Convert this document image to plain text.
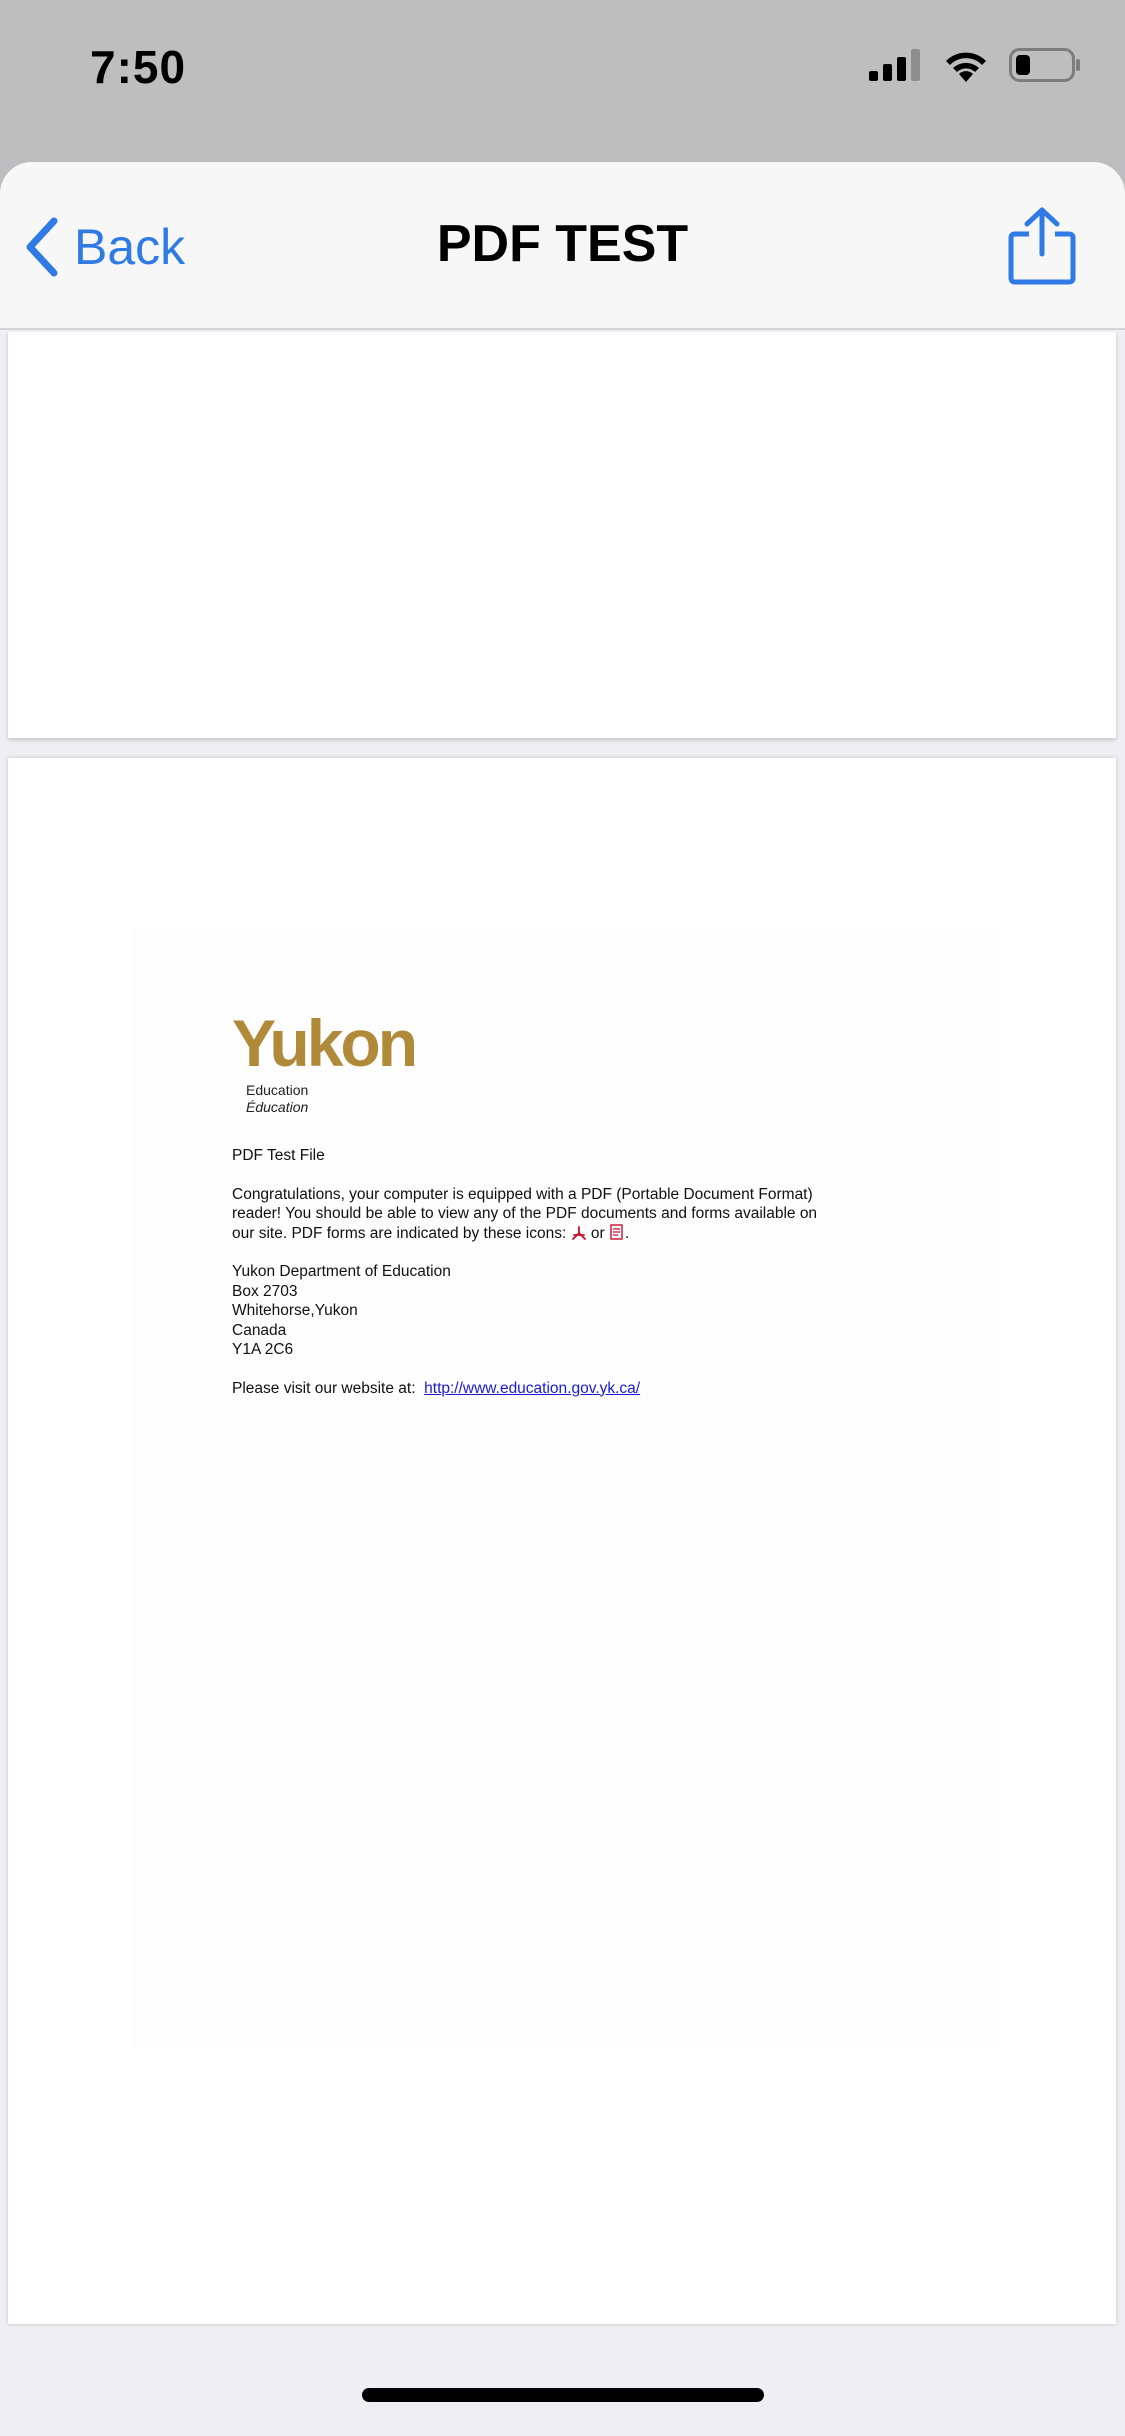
7:50
Back	PDF TEST
Yukon
Education
Éducation

PDF Test File

Congratulations, your computer is equipped with a PDF (Portable Document Format)
reader! You should be able to view any of the PDF documents and forms available on
our site. PDF forms are indicated by these icons: or .

Yukon Department of Education
Box 2703
Whitehorse,Yukon
Canada
Y1A 2C6

Please visit our website at: http://www.education.gov.yk.ca/
